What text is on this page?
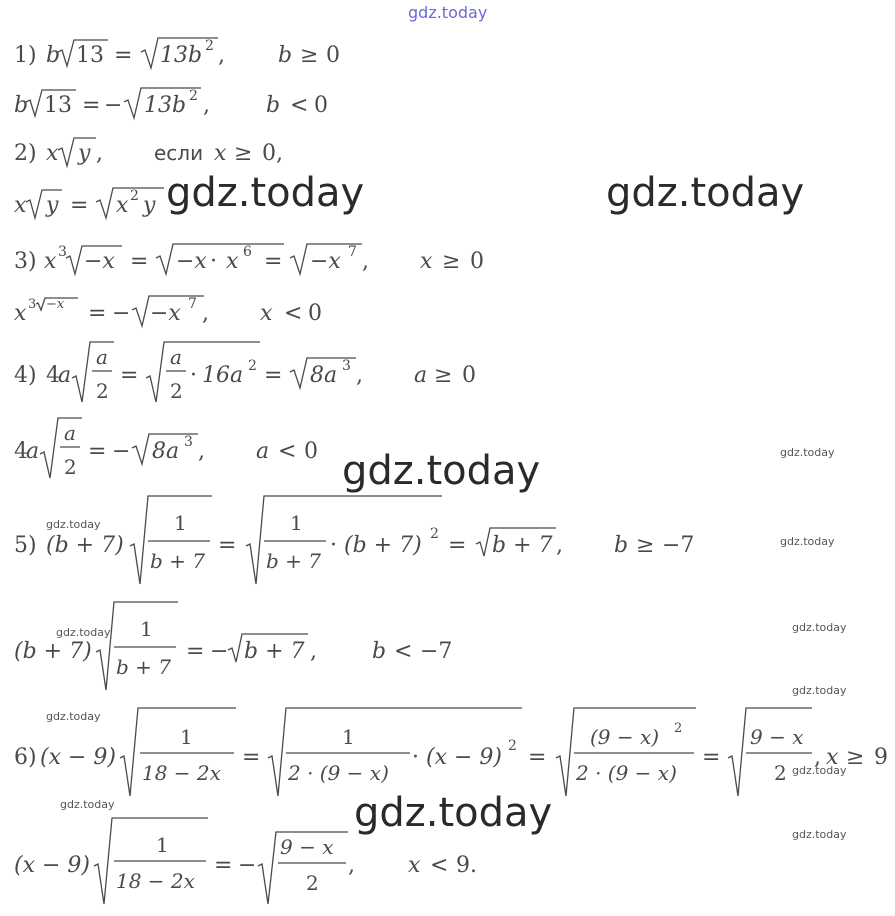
gdz.today
1) b 13 = 13b 2 , b ≥ 0
b 13 = − 13b 2 ,	b < 0
2) x y ,	если x ≥ 0 ,
x y = x 2 y
3) x 3 −x = −x · x 6 = −x 7 , x ≥ 0
x 3 −x = − −x 7 , x < 0
4) 4
a
a
2
=
a
2
· 16a 2 = 8a 3 , a ≥ 0
4
a
a
2
= − 8a 3 , a < 0
5) (b + 7)
1
b + 7
=
1
b + 7
· (b + 7) 2 = b + 7 , b ≥ −7
(b + 7)
1
b + 7
= − b + 7 ,	b < −7
6) (x − 9)
1
18 − 2x
=
1
2 · (9 − x)
· (x − 9) 2 =
(9 − x) 2
2 · (9 − x)
=
9 − x
2
, x ≥ 9
(x − 9)
1
18 − 2x
= −
9 − x
2
, x < 9.
gdz.today	gdz.today
gdz.today
gdz.today
gdz.today
gdz.today
gdz.today
gdz.today
gdz.today
gdz.today
gdz.today
gdz.today
gdz.today
gdz.today
